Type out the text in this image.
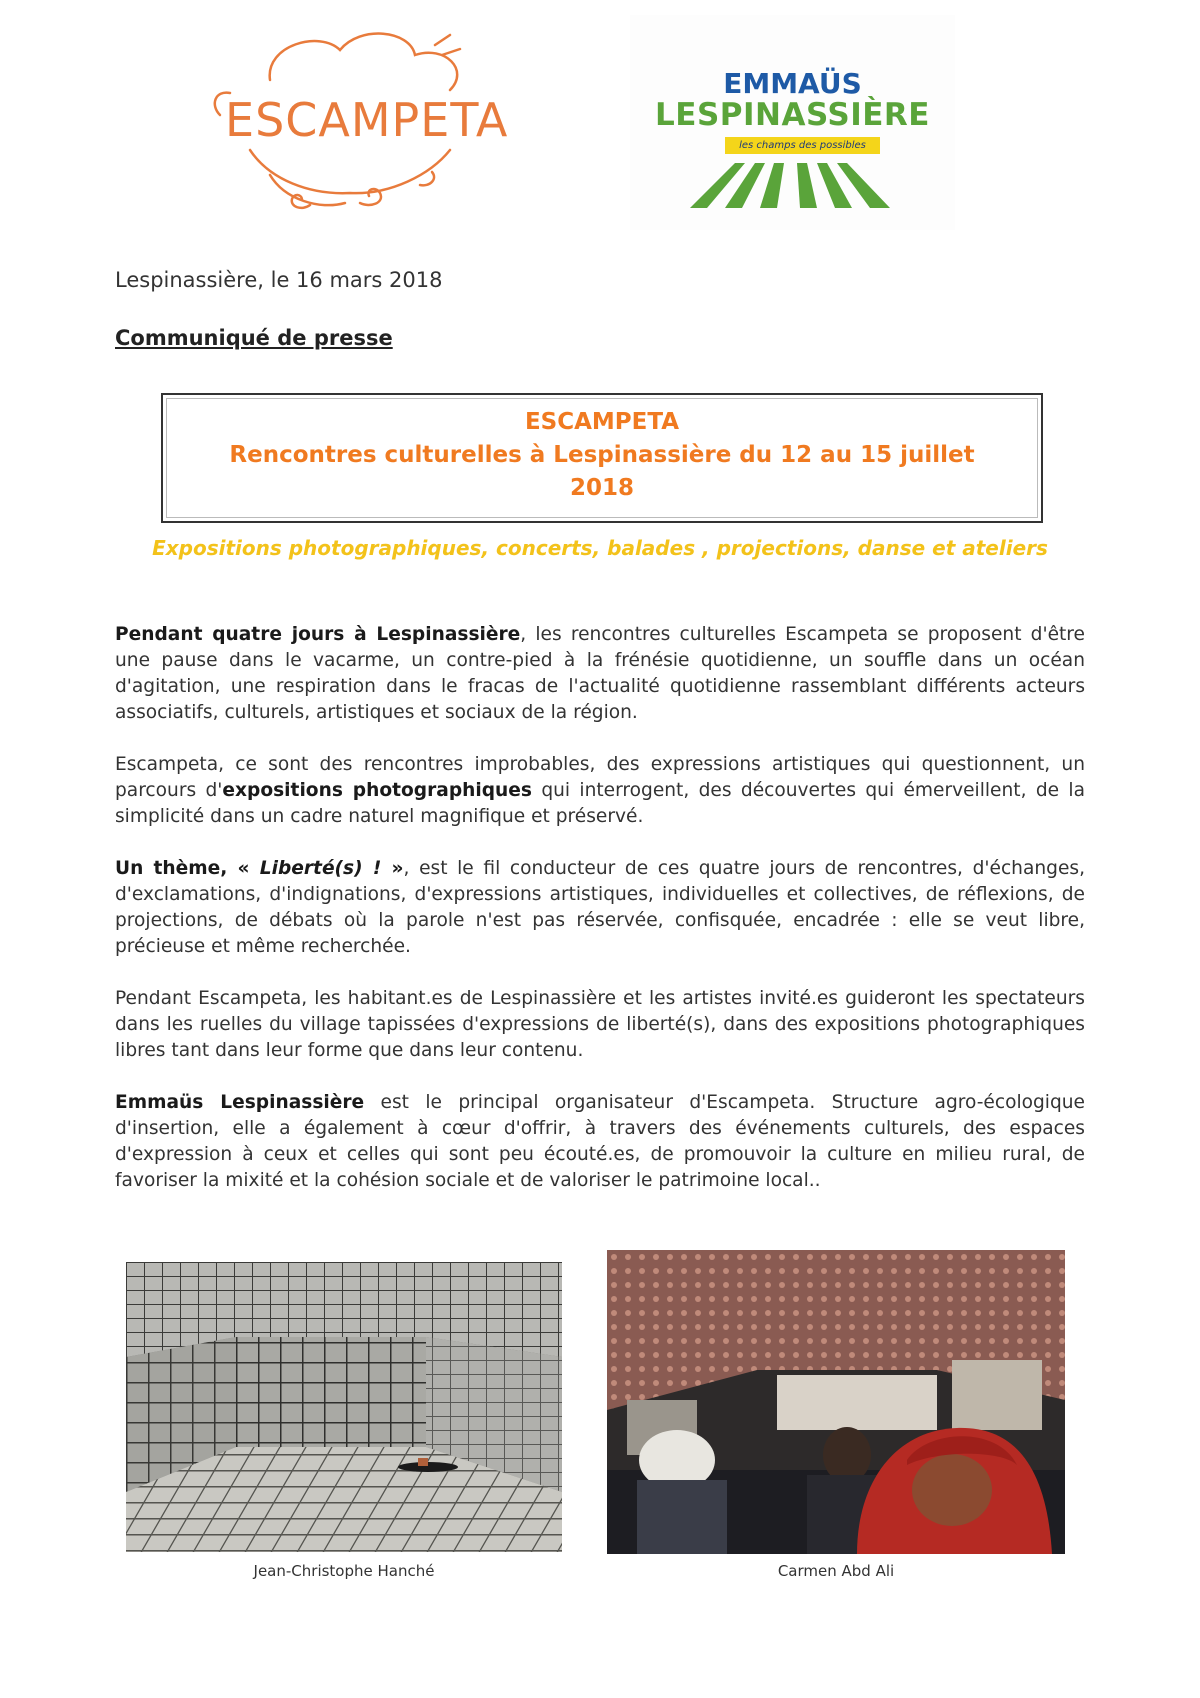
ESCAMPETA
EMMAÜS
LESPINASSIÈRE
les champs des possibles
Lespinassière, le 16 mars 2018
Communiqué de presse
ESCAMPETA
Rencontres culturelles à Lespinassière du 12 au 15 juillet
2018
Expositions photographiques, concerts, balades , projections, danse et ateliers
Pendant quatre jours à Lespinassière, les rencontres culturelles Escampeta se proposent d'être une pause dans le vacarme, un contre-pied à la frénésie quotidienne, un souffle dans un océan d'agitation, une respiration dans le fracas de l'actualité quotidienne rassemblant différents acteurs associatifs, culturels, artistiques et sociaux de la région.
Escampeta, ce sont des rencontres improbables, des expressions artistiques qui questionnent, un parcours d'expositions photographiques qui interrogent, des découvertes qui émerveillent, de la simplicité dans un cadre naturel magnifique et préservé.
Un thème, « Liberté(s) ! », est le fil conducteur de ces quatre jours de rencontres, d'échanges, d'exclamations, d'indignations, d'expressions artistiques, individuelles et collectives, de réflexions, de projections, de débats où la parole n'est pas réservée, confisquée, encadrée : elle se veut libre, précieuse et même recherchée.
Pendant Escampeta, les habitant.es de Lespinassière et les artistes invité.es guideront les spectateurs dans les ruelles du village tapissées d'expressions de liberté(s), dans des expositions photographiques libres tant dans leur forme que dans leur contenu.
Emmaüs Lespinassière est le principal organisateur d'Escampeta. Structure agro-écologique d'insertion, elle a également à cœur d'offrir, à travers des événements culturels, des espaces d'expression à ceux et celles qui sont peu écouté.es, de promouvoir la culture en milieu rural, de favoriser la mixité et la cohésion sociale et de valoriser le patrimoine local..
Jean-Christophe Hanché	Carmen Abd Ali
